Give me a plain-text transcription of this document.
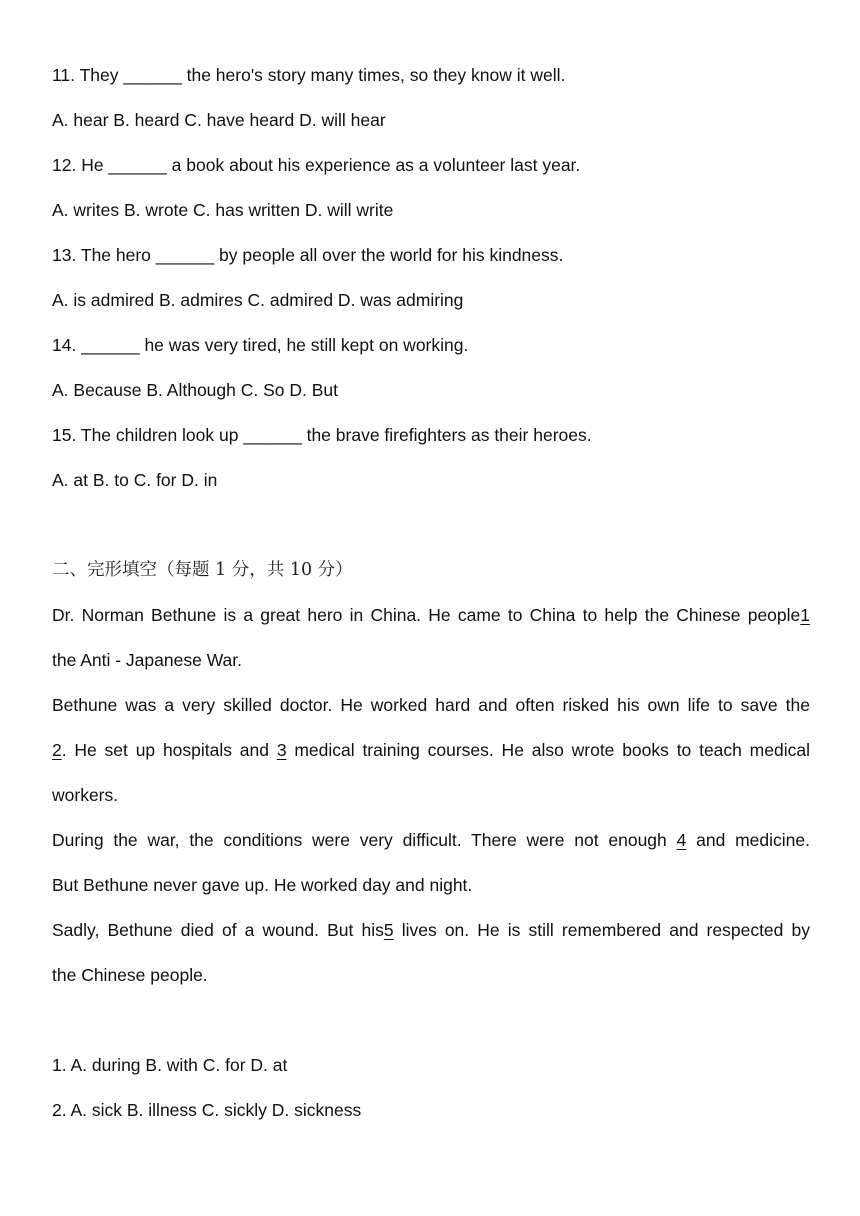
11. They ______ the hero's story many times, so they know it well.
A. hear B. heard C. have heard D. will hear
12. He ______ a book about his experience as a volunteer last year.
A. writes B. wrote C. has written D. will write
13. The hero ______ by people all over the world for his kindness.
A. is admired B. admires C. admired D. was admiring
14. ______ he was very tired, he still kept on working.
A. Because B. Although C. So D. But
15. The children look up ______ the brave firefighters as their heroes.
A. at B. to C. for D. in
二、完形填空（每题 1 分，共 10 分）
Dr. Norman Bethune is a great hero in China. He came to China to help the Chinese people1
the Anti - Japanese War.
Bethune was a very skilled doctor. He worked hard and often risked his own life to save the
2. He set up hospitals and 3 medical training courses. He also wrote books to teach medical
workers.
During the war, the conditions were very difficult. There were not enough 4 and medicine.
But Bethune never gave up. He worked day and night.
Sadly, Bethune died of a wound. But his5 lives on. He is still remembered and respected by
the Chinese people.
1. A. during B. with C. for D. at
2. A. sick B. illness C. sickly D. sickness
